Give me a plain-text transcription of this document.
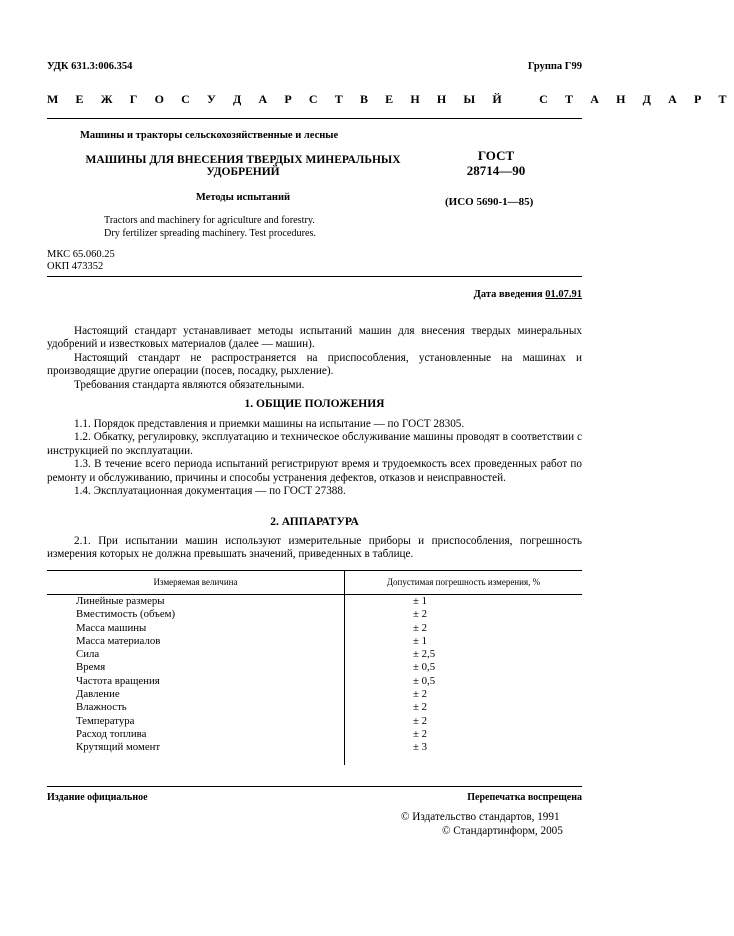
УДК 631.3:006.354	Группа Г99
М Е Ж Г О С У Д А Р С Т В Е Н Н Ы Й   С Т А Н Д А Р Т
Машины и тракторы сельскохозяйственные и лесные
МАШИНЫ ДЛЯ ВНЕСЕНИЯ ТВЕРДЫХ МИНЕРАЛЬНЫХ
УДОБРЕНИЙ
Методы испытаний
Tractors and machinery for agriculture and forestry.
Dry fertilizer spreading machinery. Test procedures.
ГОСТ
28714—90
(ИСО 5690-1—85)
МКС 65.060.25
ОКП 473352
Дата введения 01.07.91

Настоящий стандарт устанавливает методы испытаний машин для внесения твердых минеральных удобрений и известковых материалов (далее — машин).

Настоящий стандарт не распространяется на приспособления, установленные на машинах и производящие другие операции (посев, посадку, рыхление).

Требования стандарта являются обязательными.

1. ОБЩИЕ ПОЛОЖЕНИЯ

1.1. Порядок представления и приемки машины на испытание — по ГОСТ 28305.

1.2. Обкатку, регулировку, эксплуатацию и техническое обслуживание машины проводят в соответствии с инструкцией по эксплуатации.

1.3. В течение всего периода испытаний регистрируют время и трудоемкость всех проведенных работ по ремонту и обслуживанию, причины и способы устранения дефектов, отказов и неисправностей.

1.4. Эксплуатационная документация — по ГОСТ 27388.

2. АППАРАТУРА

2.1. При испытании машин используют измерительные приборы и приспособления, погрешность измерения которых не должна превышать значений, приведенных в таблице.

Измеряемая величина	Допустимая погрешность измерения, %
Линейные размеры	± 1
Вместимость (объем)	± 2
Масса машины	± 2
Масса материалов	± 1
Сила	± 2,5
Время	± 0,5
Частота вращения	± 0,5
Давление	± 2
Влажность	± 2
Температура	± 2
Расход топлива	± 2
Крутящий момент	± 3

Издание официальное	Перепечатка воспрещена
© Издательство стандартов, 1991
© Стандартинформ, 2005
